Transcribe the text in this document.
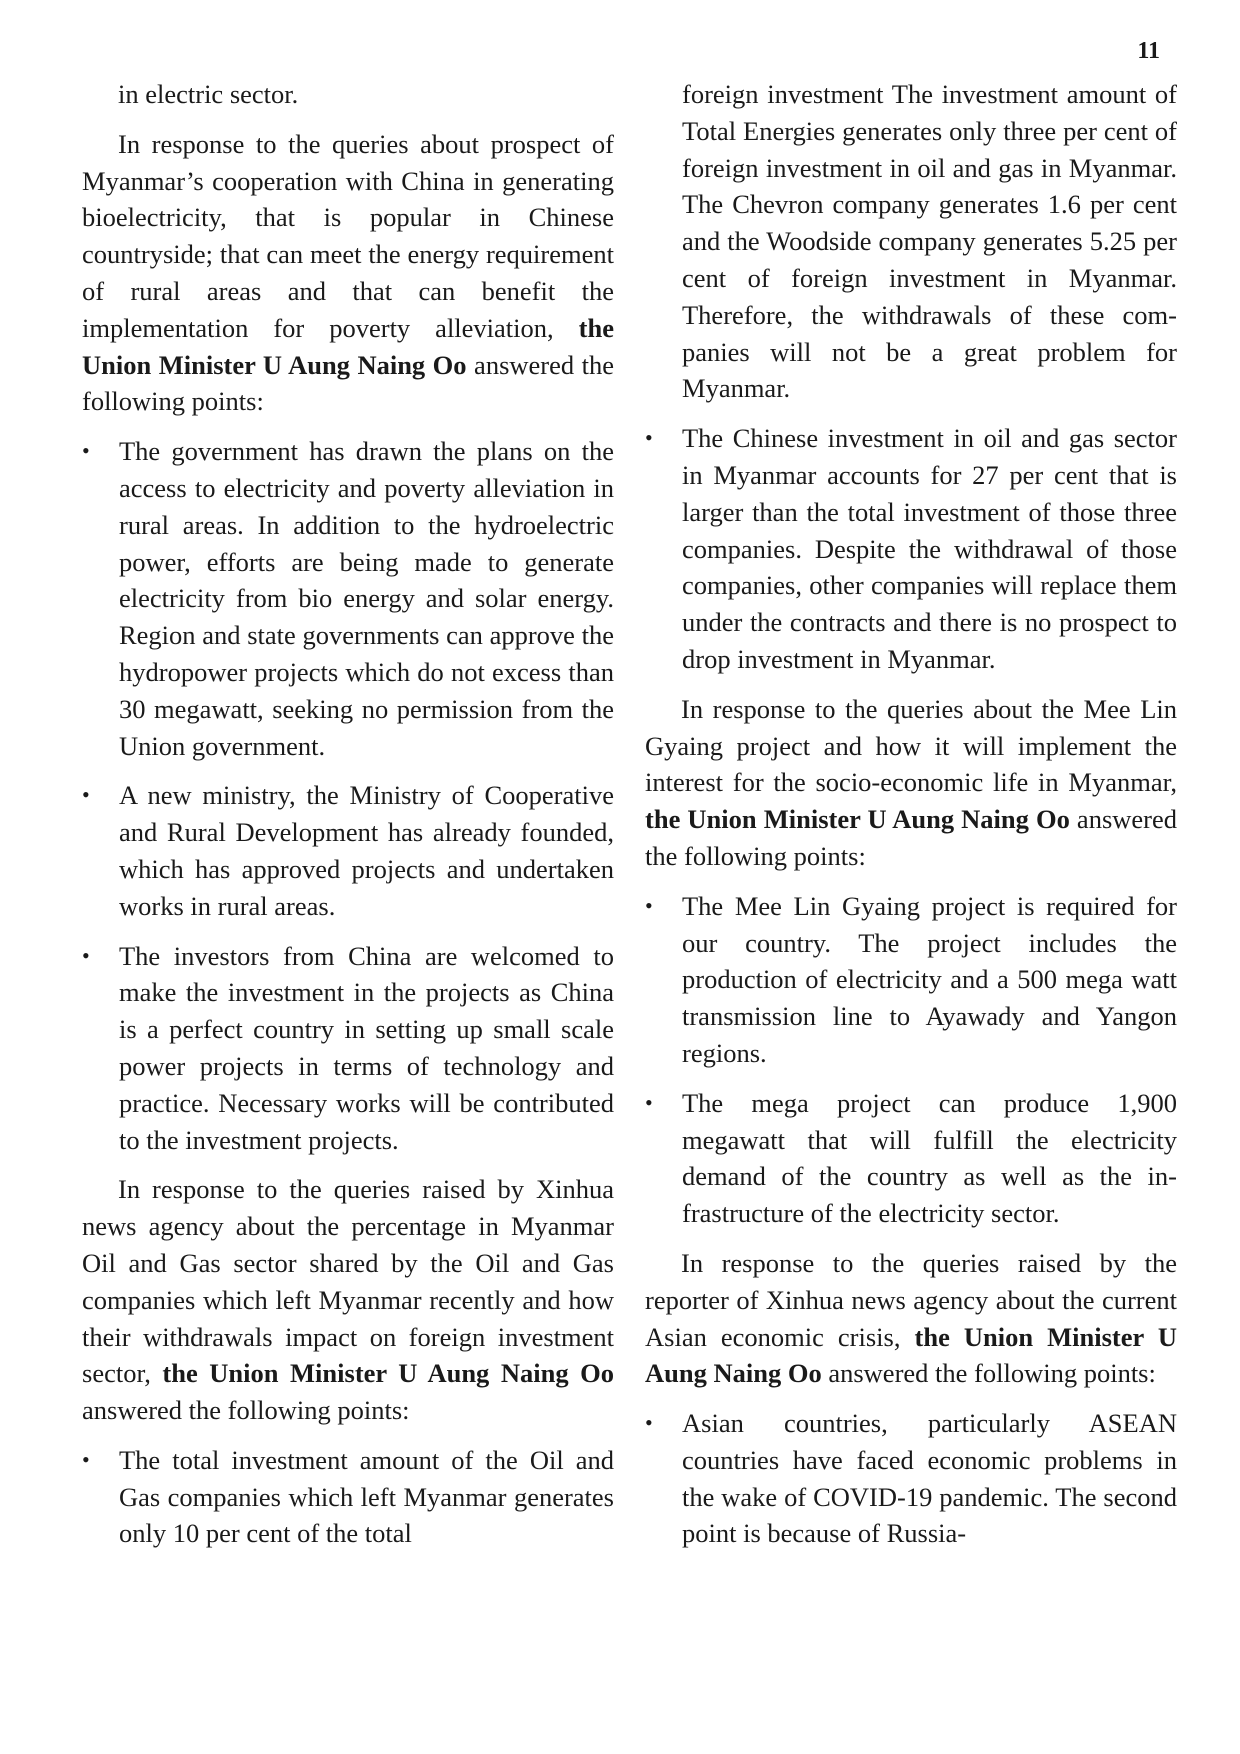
11

in electric sector.

In response to the queries about prospect of Myanmar’s cooperation with China in generating bioelectricity, that is popular in Chinese countryside; that can meet the energy requirement of rural areas and that can benefit the implementation for poverty alleviation, the Union Minister U Aung Naing Oo answered the following points:

• The government has drawn the plans on the access to electricity and poverty alleviation in rural areas. In addition to the hydroelectric power, efforts are being made to generate electricity from bio energy and solar energy. Region and state governments can approve the hydropower projects which do not excess than 30 megawatt, seeking no permission from the Union government.
• A new ministry, the Ministry of Cooperative and Rural Development has already founded, which has approved projects and undertaken works in rural areas.
• The investors from China are welcomed to make the investment in the projects as China is a perfect country in setting up small scale power projects in terms of technology and practice. Necessary works will be contributed to the investment projects.

In response to the queries raised by Xinhua news agency about the percentage in Myanmar Oil and Gas sector shared by the Oil and Gas companies which left Myanmar recently and how their withdrawals impact on foreign investment sector, the Union Minister U Aung Naing Oo answered the following points:

• The total investment amount of the Oil and Gas companies which left Myanmar generates only 10 per cent of the total
foreign investment The investment amount of Total Energies generates only three per cent of foreign investment in oil and gas in Myanmar. The Chevron company generates 1.6 per cent and the Woodside company generates 5.25 per cent of foreign investment in Myanmar. Therefore, the withdrawals of these companies will not be a great problem for Myanmar.
• The Chinese investment in oil and gas sector in Myanmar accounts for 27 per cent that is larger than the total investment of those three companies. Despite the withdrawal of those companies, other companies will replace them under the contracts and there is no prospect to drop investment in Myanmar.

In response to the queries about the Mee Lin Gyaing project and how it will implement the interest for the socio-economic life in Myanmar, the Union Minister U Aung Naing Oo answered the following points:

• The Mee Lin Gyaing project is required for our country. The project includes the production of electricity and a 500 mega watt transmission line to Ayawady and Yangon regions.
• The mega project can produce 1,900 megawatt that will fulfill the electricity demand of the country as well as the infrastructure of the electricity sector.

In response to the queries raised by the reporter of Xinhua news agency about the current Asian economic crisis, the Union Minister U Aung Naing Oo answered the following points:

• Asian countries, particularly ASEAN countries have faced economic problems in the wake of COVID-19 pandemic. The second point is because of Russia-
